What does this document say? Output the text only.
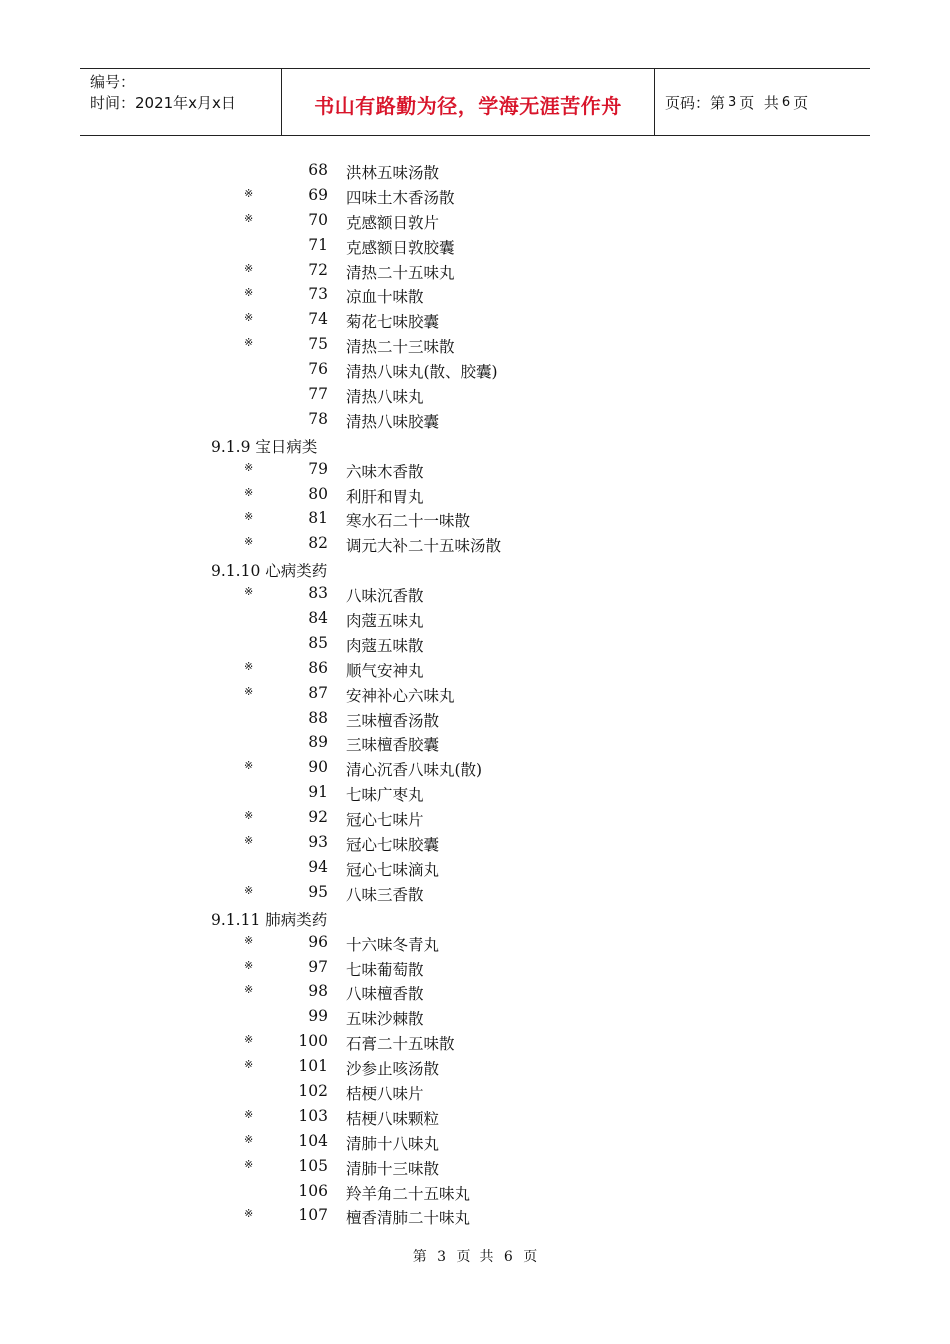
编号：
时间：2021年x月x日	书山有路勤为径，学海无涯苦作舟	页码：第 3 页  共 6 页
68 洪林五味汤散
※	69 四味土木香汤散
※	70 克感额日敦片
71 克感额日敦胶囊
※	72 清热二十五味丸
※	73 凉血十味散
※	74 菊花七味胶囊
※	75 清热二十三味散
76 清热八味丸(散、胶囊)
77 清热八味丸
78 清热八味胶囊
9.1.9 宝日病类
※	79 六味木香散
※	80 利肝和胃丸
※	81 寒水石二十一味散
※	82 调元大补二十五味汤散
9.1.10 心病类药
※	83 八味沉香散
84 肉蔻五味丸
85 肉蔻五味散
※	86 顺气安神丸
※	87 安神补心六味丸
88 三味檀香汤散
89 三味檀香胶囊
※	90 清心沉香八味丸(散)
91 七味广枣丸
※	92 冠心七味片
※	93 冠心七味胶囊
94 冠心七味滴丸
※	95 八味三香散
9.1.11 肺病类药
※	96 十六味冬青丸
※	97 七味葡萄散
※	98 八味檀香散
99 五味沙棘散
※	100 石膏二十五味散
※	101 沙参止咳汤散
102 桔梗八味片
※	103 桔梗八味颗粒
※	104 清肺十八味丸
※	105 清肺十三味散
106 羚羊角二十五味丸
※	107 檀香清肺二十味丸
第 3 页  共 6 页
